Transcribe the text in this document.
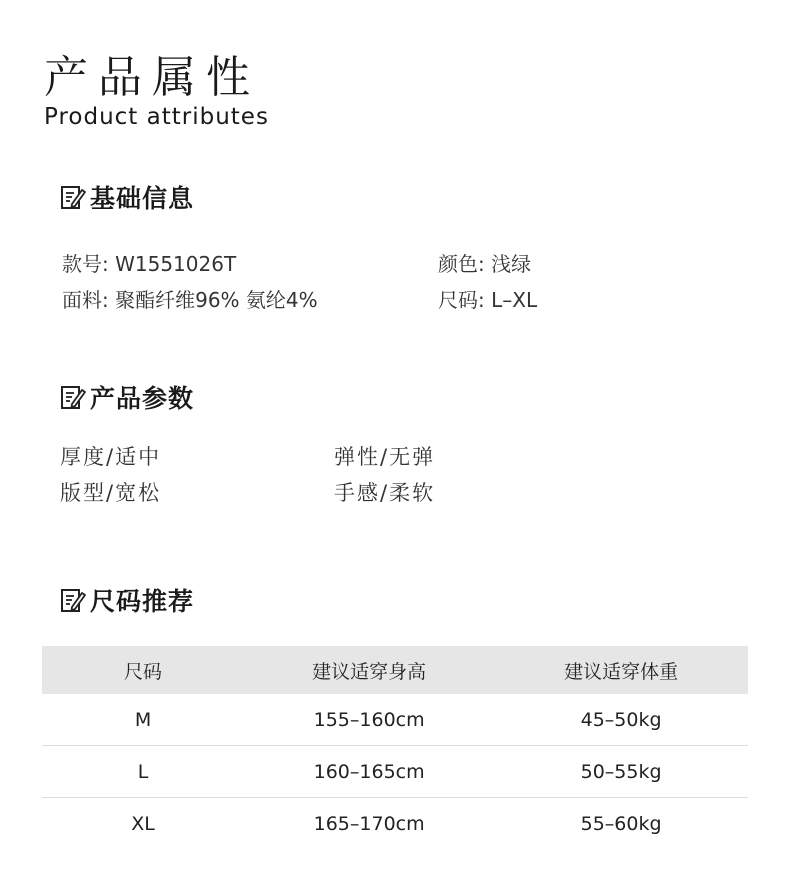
产品属性
Product attributes
基础信息
款号: W1551026T	颜色: 浅绿
面料: 聚酯纤维96% 氨纶4%	尺码: L–XL
产品参数
厚度/适中	弹性/无弹
版型/宽松	手感/柔软
尺码推荐
尺码	建议适穿身高	建议适穿体重
M	155–160cm	45–50kg
L	160–165cm	50–55kg
XL	165–170cm	55–60kg
